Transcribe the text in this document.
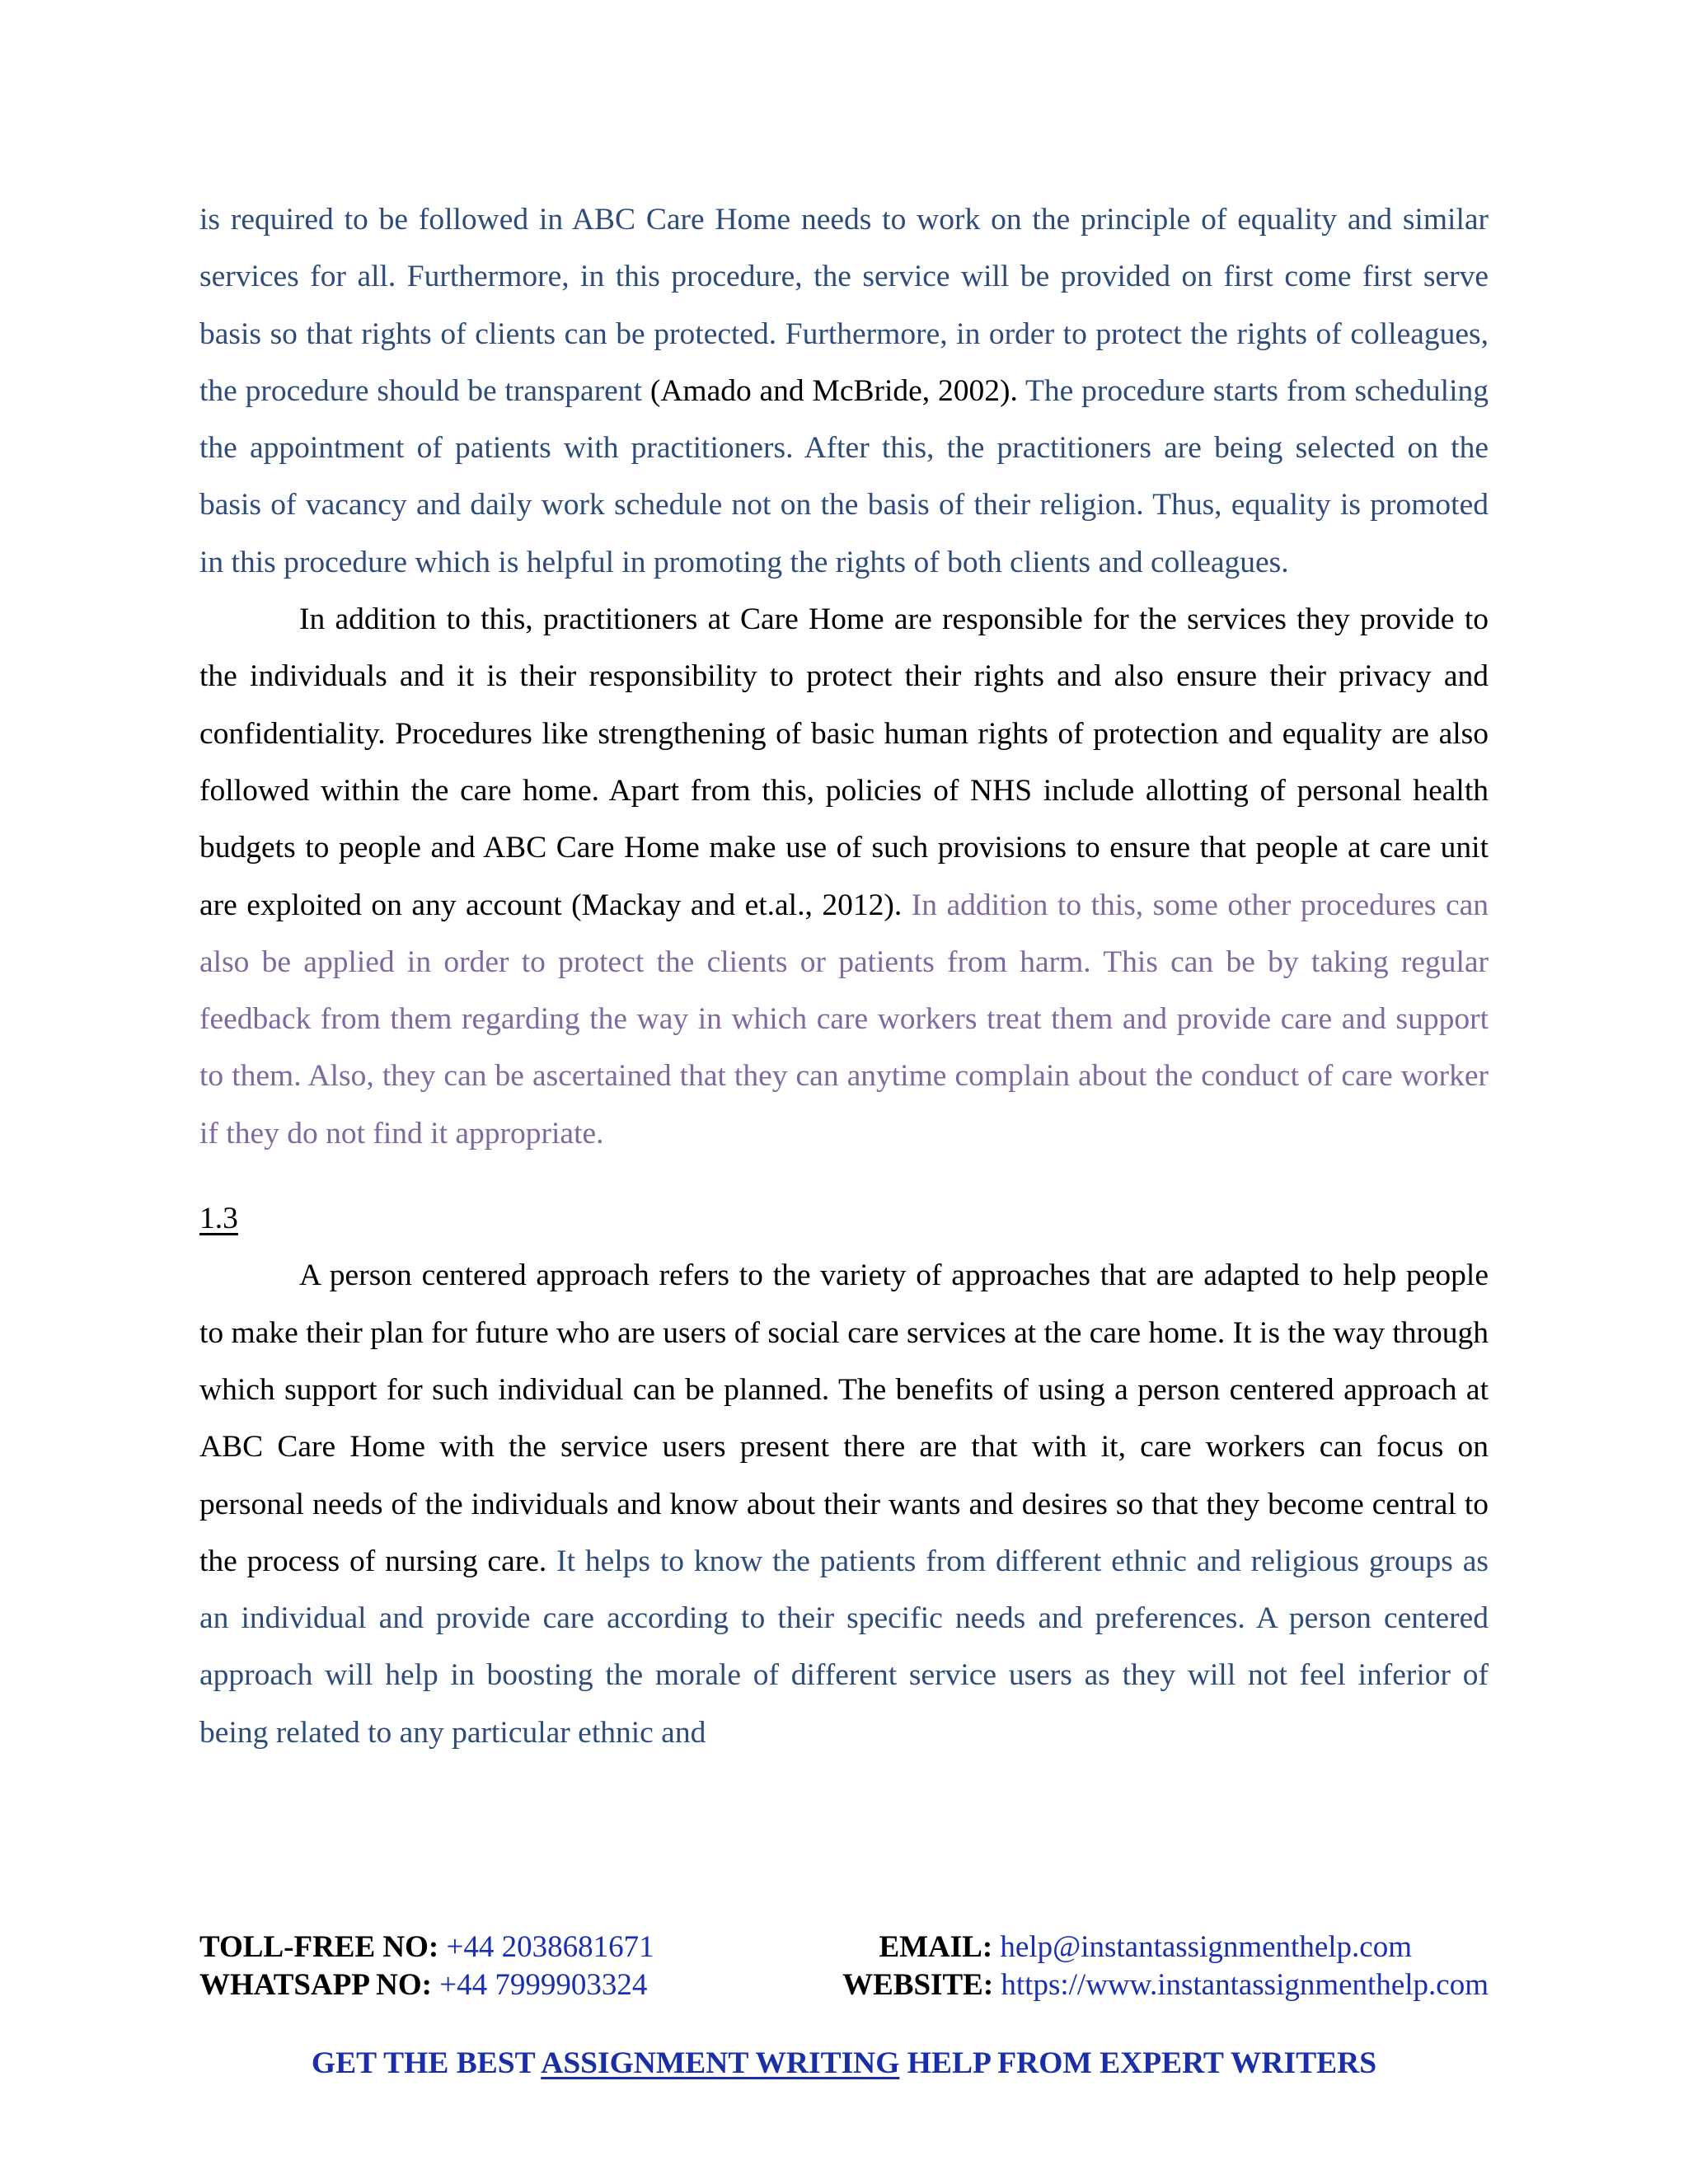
is required to be followed in ABC Care Home needs to work on the principle of equality and similar services for all. Furthermore, in this procedure, the service will be provided on first come first serve basis so that rights of clients can be protected. Furthermore, in order to protect the rights of colleagues, the procedure should be transparent (Amado and McBride, 2002). The procedure starts from scheduling the appointment of patients with practitioners. After this, the practitioners are being selected on the basis of vacancy and daily work schedule not on the basis of their religion. Thus, equality is promoted in this procedure which is helpful in promoting the rights of both clients and colleagues.

In addition to this, practitioners at Care Home are responsible for the services they provide to the individuals and it is their responsibility to protect their rights and also ensure their privacy and confidentiality. Procedures like strengthening of basic human rights of protection and equality are also followed within the care home. Apart from this, policies of NHS include allotting of personal health budgets to people and ABC Care Home make use of such provisions to ensure that people at care unit are exploited on any account (Mackay and et.al., 2012). In addition to this, some other procedures can also be applied in order to protect the clients or patients from harm. This can be by taking regular feedback from them regarding the way in which care workers treat them and provide care and support to them. Also, they can be ascertained that they can anytime complain about the conduct of care worker if they do not find it appropriate.

1.3

A person centered approach refers to the variety of approaches that are adapted to help people to make their plan for future who are users of social care services at the care home. It is the way through which support for such individual can be planned. The benefits of using a person centered approach at ABC Care Home with the service users present there are that with it, care workers can focus on personal needs of the individuals and know about their wants and desires so that they become central to the process of nursing care. It helps to know the patients from different ethnic and religious groups as an individual and provide care according to their specific needs and preferences. A person centered approach will help in boosting the morale of different service users as they will not feel inferior of being related to any particular ethnic and

TOLL-FREE NO: +44 2038681671	EMAIL: help@instantassignmenthelp.com
WHATSAPP NO: +44 7999903324	WEBSITE: https://www.instantassignmenthelp.com
GET THE BEST ASSIGNMENT WRITING HELP FROM EXPERT WRITERS
